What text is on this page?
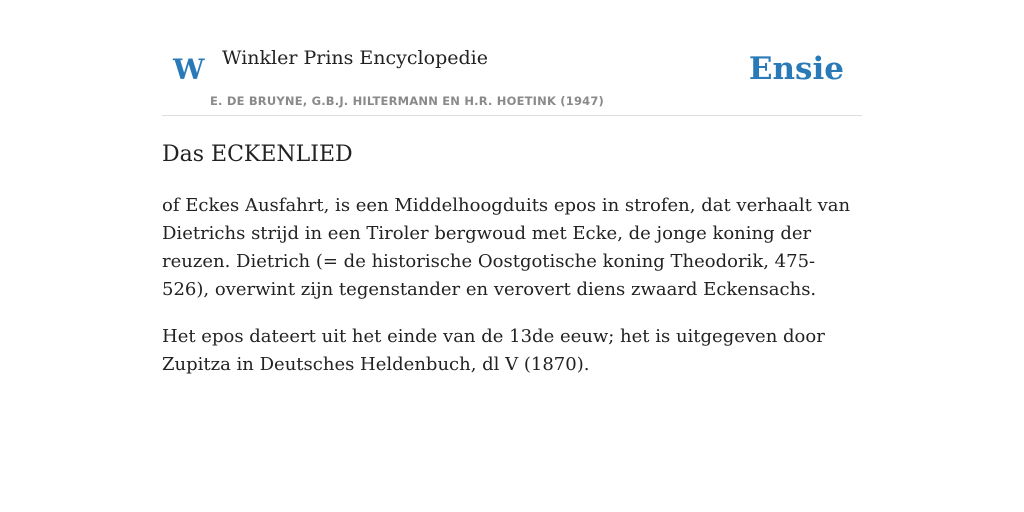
W Winkler Prins Encyclopedie
E. DE BRUYNE, G.B.J. HILTERMANN EN H.R. HOETINK (1947)
Ensie
Das ECKENLIED

of Eckes Ausfahrt, is een Middelhoogduits epos in strofen, dat verhaalt van Dietrichs strijd in een Tiroler bergwoud met Ecke, de jonge koning der reuzen. Dietrich (= de historische Oostgotische koning Theodorik, 475-526), overwint zijn tegenstander en verovert diens zwaard Eckensachs.

Het epos dateert uit het einde van de 13de eeuw; het is uitgegeven door Zupitza in Deutsches Heldenbuch, dl V (1870).
